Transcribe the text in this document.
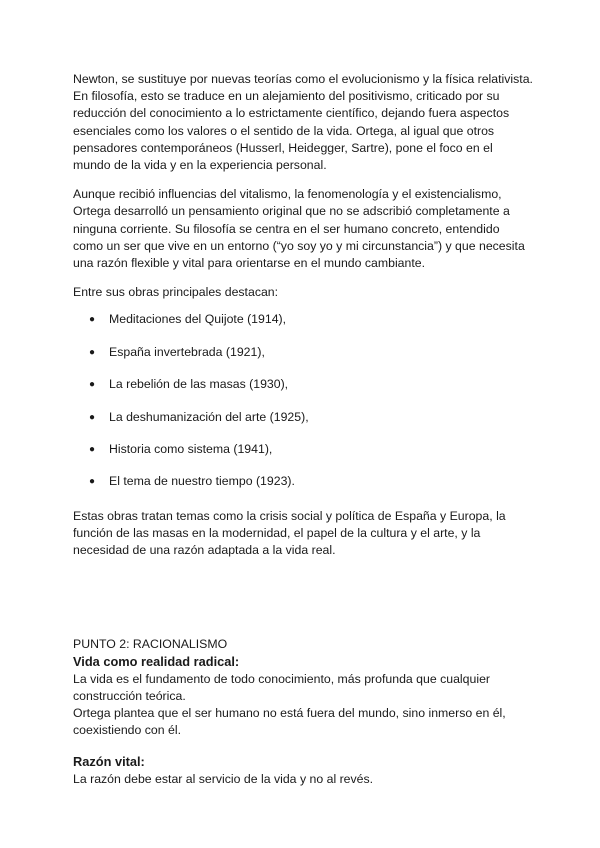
Newton, se sustituye por nuevas teorías como el evolucionismo y la física relativista. En filosofía, esto se traduce en un alejamiento del positivismo, criticado por su reducción del conocimiento a lo estrictamente científico, dejando fuera aspectos esenciales como los valores o el sentido de la vida. Ortega, al igual que otros pensadores contemporáneos (Husserl, Heidegger, Sartre), pone el foco en el mundo de la vida y en la experiencia personal.

Aunque recibió influencias del vitalismo, la fenomenología y el existencialismo, Ortega desarrolló un pensamiento original que no se adscribió completamente a ninguna corriente. Su filosofía se centra en el ser humano concreto, entendido como un ser que vive en un entorno (“yo soy yo y mi circunstancia”) y que necesita una razón flexible y vital para orientarse en el mundo cambiante.

Entre sus obras principales destacan:

● Meditaciones del Quijote (1914),
● España invertebrada (1921),
● La rebelión de las masas (1930),
● La deshumanización del arte (1925),
● Historia como sistema (1941),
● El tema de nuestro tiempo (1923).

Estas obras tratan temas como la crisis social y política de España y Europa, la función de las masas en la modernidad, el papel de la cultura y el arte, y la necesidad de una razón adaptada a la vida real.

PUNTO 2: RACIONALISMO

Vida como realidad radical:

La vida es el fundamento de todo conocimiento, más profunda que cualquier construcción teórica.

Ortega plantea que el ser humano no está fuera del mundo, sino inmerso en él, coexistiendo con él.

Razón vital:

La razón debe estar al servicio de la vida y no al revés.
